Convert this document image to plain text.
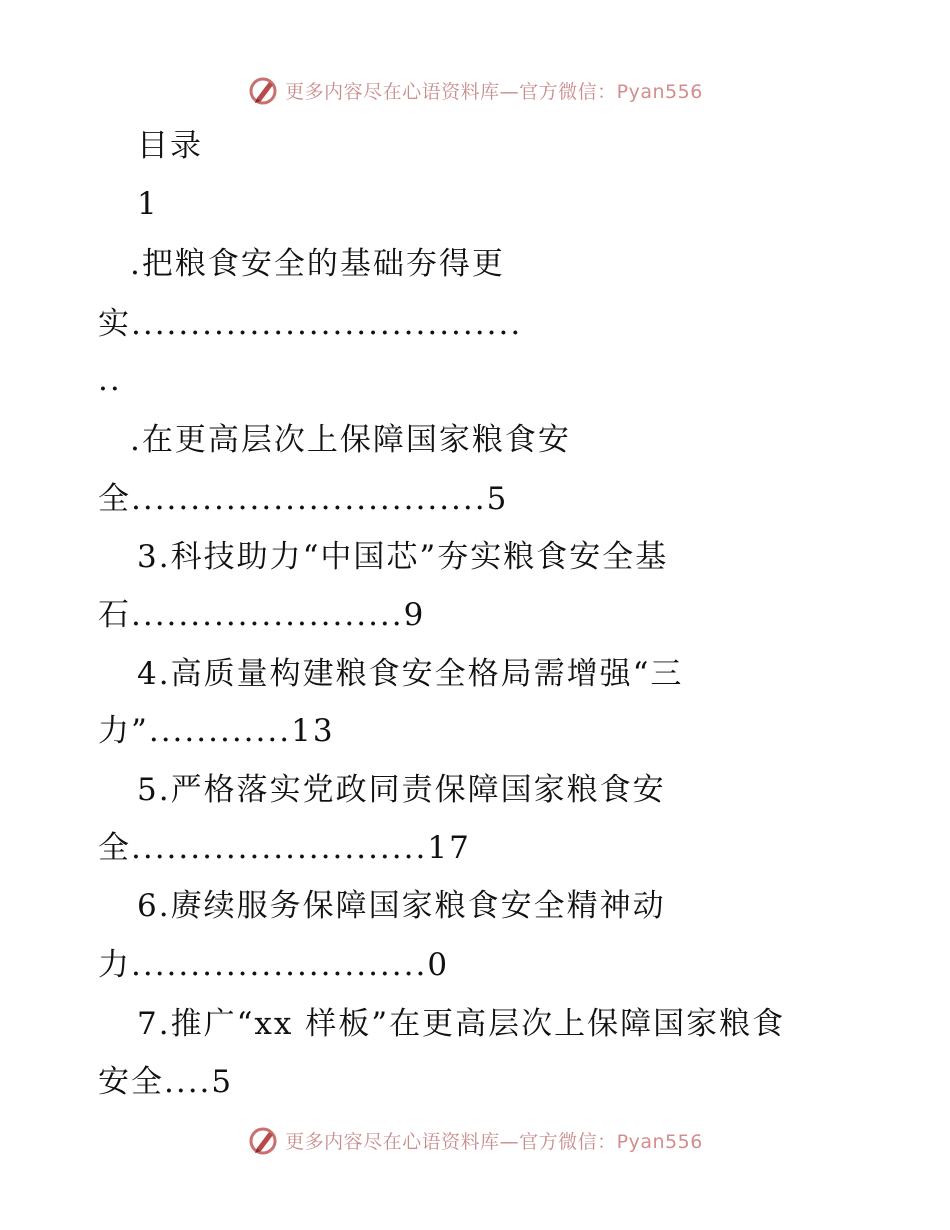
更多内容尽在心语资料库—官方微信：Pyan556
目录
1
.把粮食安全的基础夯得更
实.................................
..
.在更高层次上保障国家粮食安
全..............................5
3.科技助力“中国芯”夯实粮食安全基
石.......................9
4.高质量构建粮食安全格局需增强“三
力”............13
5.严格落实党政同责保障国家粮食安
全.........................17
6.赓续服务保障国家粮食安全精神动
力.........................0
7.推广“xx 样板”在更高层次上保障国家粮食
安全....5
更多内容尽在心语资料库—官方微信：Pyan556
